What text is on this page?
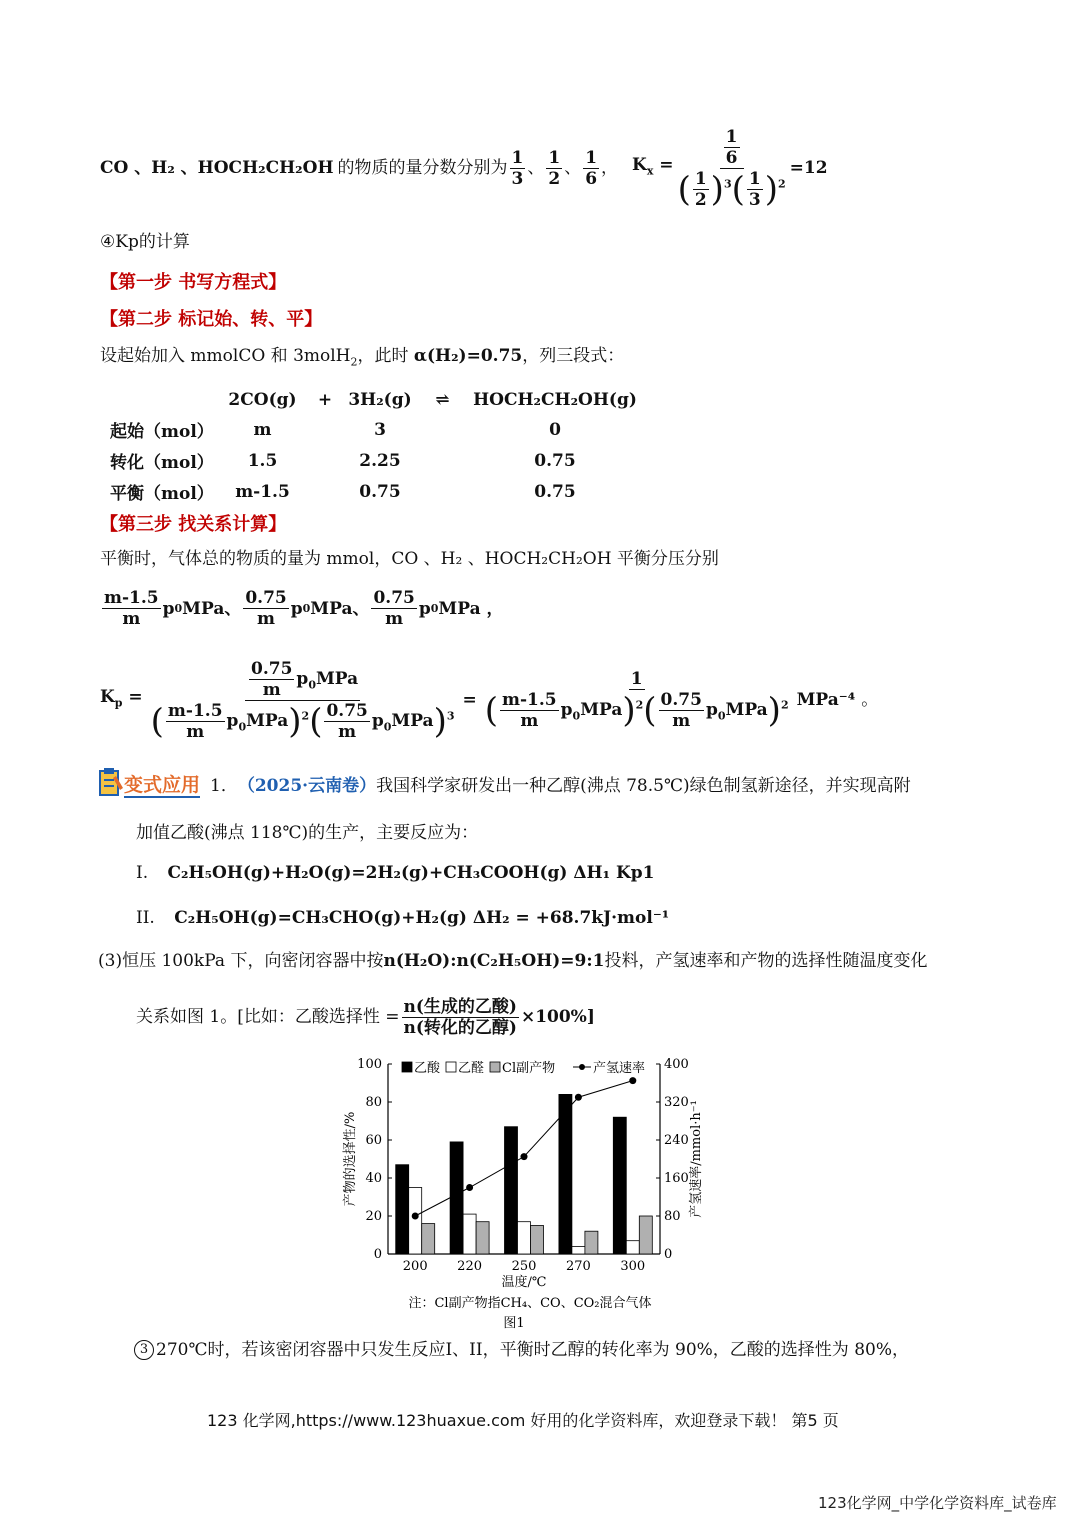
CO 、H₂ 、HOCH₂CH₂OH 的物质的量分数分别为 $\frac{1}{3}$ 、 $\frac{1}{2}$ 、 $\frac{1}{6}$ ， $K_x = \frac{\frac{1}{6}}{( \frac{1}{2} )^3( \frac{1}{3} )^2} =12$
④Kp的计算
【第一步 书写方程式】
【第二步 标记始、转、平】
设起始加入 mmolCO 和 3molH$_2$，此时 α(H₂)=0.75，列三段式：
	2CO(g)	+	3H₂(g)	⇌	HOCH₂CH₂OH(g)
起始（mol）	m		3		0
转化（mol）	1.5		2.25		0.75
平衡（mol）	m-1.5		0.75		0.75
【第三步 找关系计算】
平衡时，气体总的物质的量为 mmol，CO 、H₂ 、HOCH₂CH₂OH 平衡分压分别
$\frac{m-1.5}{m}$ p 0 MPa、 $\frac{0.75}{m}$ p 0 MPa、 $\frac{0.75}{m}$ p 0 MPa ，
$K_p = \frac{\frac{0.75}{m} p_0MPa}{( \frac{m-1.5}{m} p_0MPa)^2( \frac{0.75}{m} p_0MPa)^3} = \frac{1}{( \frac{m-1.5}{m} p_0MPa)^2( \frac{0.75}{m} p_0MPa)^2} MPa^{-4}$ 。
变式应用 1． （2025·云南卷） 我国科学家研发出一种乙醇(沸点 78.5℃)绿色制氢新途径，并实现高附
加值乙酸(沸点 118℃)的生产，主要反应为：
I. C₂H₅OH(g)+H₂O(g)=2H₂(g)+CH₃COOH(g) ΔH₁ Kp1
II. C₂H₅OH(g)=CH₃CHO(g)+H₂(g) ΔH₂ = +68.7kJ·mol⁻¹
(3)恒压 100kPa 下，向密闭容器中按n(H₂O):n(C₂H₅OH)=9:1投料，产氢速率和产物的选择性随温度变化
关系如图 1。[比如：乙酸选择性 = $\frac{\text{n(生成的乙酸)}}{\text{n(转化的乙醇)}} \times 100\%$]
0
20
40
60
80
100
0
80
160
240
320
400
200 220 250 270 300
乙酸 乙醛 Cl副产物	产氢速率
温度/℃
产物的选择性/%	产氢速率/mmol·h⁻¹
注：Cl副产物指CH₄、CO、CO₂混合气体
图1
3 270℃时，若该密闭容器中只发生反应I、II，平衡时乙醇的转化率为 90%，乙酸的选择性为 80%，
123 化学网,https://www.123huaxue.com 好用的化学资料库，欢迎登录下载！ 第5 页
123化学网_中学化学资料库_试卷库
